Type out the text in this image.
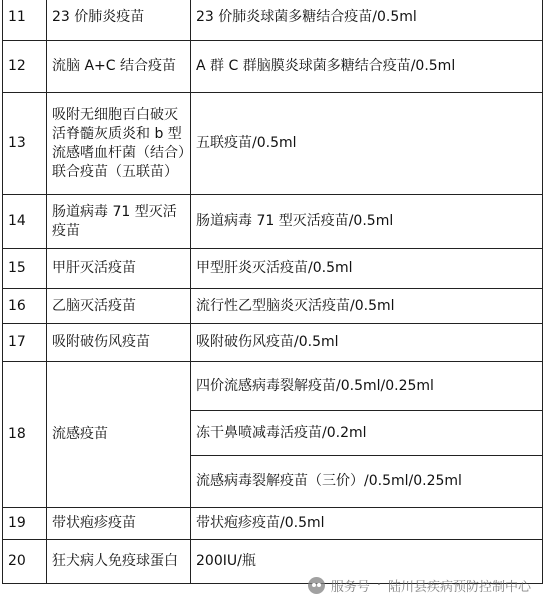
11	23 价肺炎疫苗	23 价肺炎球菌多糖结合疫苗/0.5ml
12	流脑 A+C 结合疫苗	A 群 C 群脑膜炎球菌多糖结合疫苗/0.5ml
13	吸附无细胞百白破灭活脊髓灰质炎和 b 型流感嗜血杆菌（结合）联合疫苗（五联苗）	五联疫苗/0.5ml
14	肠道病毒 71 型灭活疫苗	肠道病毒 71 型灭活疫苗/0.5ml
15	甲肝灭活疫苗	甲型肝炎灭活疫苗/0.5ml
16	乙脑灭活疫苗	流行性乙型脑炎灭活疫苗/0.5ml
17	吸附破伤风疫苗	吸附破伤风疫苗/0.5ml
18	流感疫苗	四价流感病毒裂解疫苗/0.5ml/0.25ml
		冻干鼻喷减毒活疫苗/0.2ml
		流感病毒裂解疫苗（三价）/0.5ml/0.25ml
19	带状疱疹疫苗	带状疱疹疫苗/0.5ml
20	狂犬病人免疫球蛋白	200IU/瓶
服务号 · 陆川县疾病预防控制中心
